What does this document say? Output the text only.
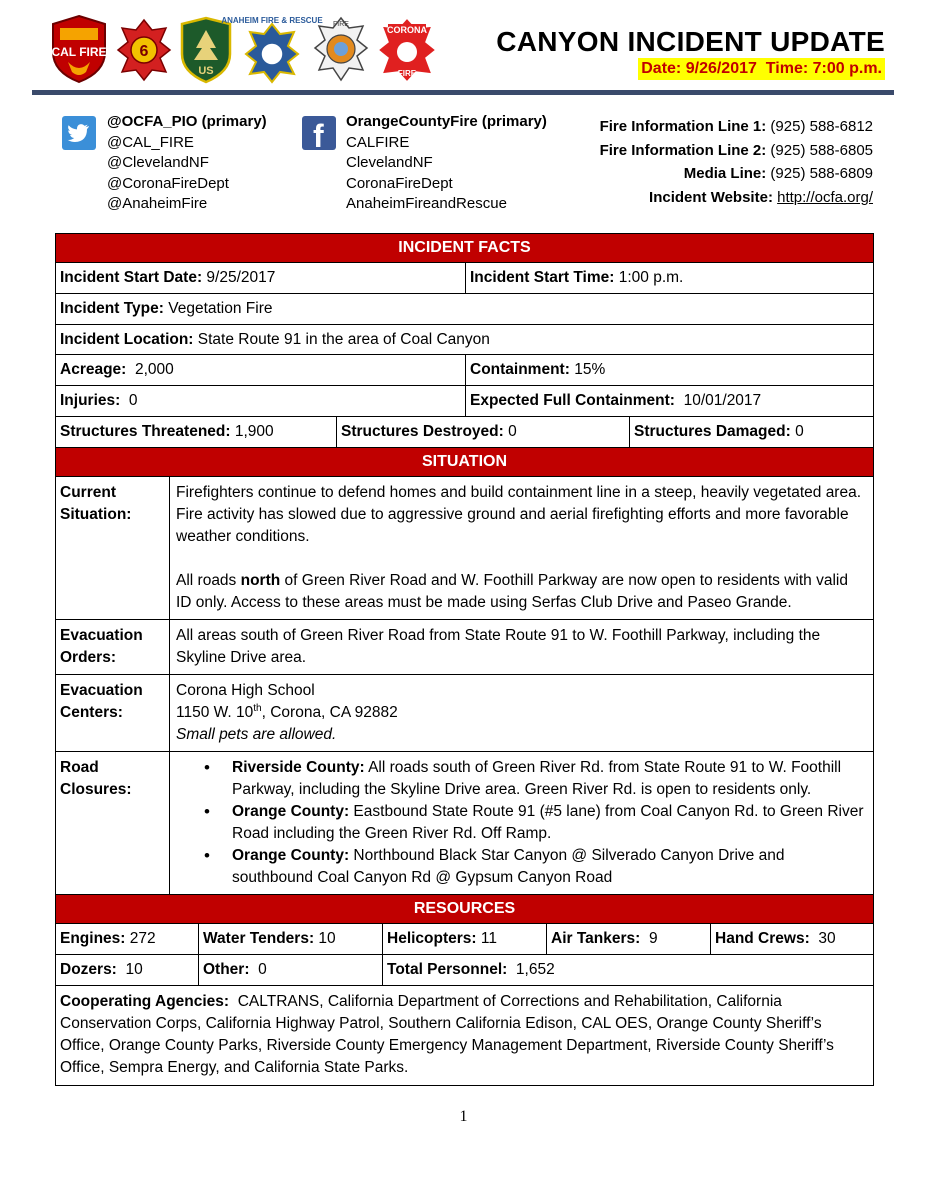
CAL FIRE 6
US
ANAHEIM FIRE & RESCUE FIRE
CORONA
FIRE
CANYON INCIDENT UPDATE
Date: 9/26/2017 Time: 7:00 p.m.
@OCFA_PIO (primary)
@CAL_FIRE
@ClevelandNF
@CoronaFireDept
@AnaheimFire
f OrangeCountyFire (primary)
CALFIRE
ClevelandNF
CoronaFireDept
AnaheimFireandRescue
Fire Information Line 1: (925) 588-6812
Fire Information Line 2: (925) 588-6805
Media Line: (925) 588-6809
Incident Website: http://ocfa.org/
INCIDENT FACTS
Incident Start Date: 9/25/2017	Incident Start Time: 1:00 p.m.
Incident Type: Vegetation Fire
Incident Location: State Route 91 in the area of Coal Canyon
Acreage: 2,000	Containment: 15%
Injuries: 0	Expected Full Containment: 10/01/2017
Structures Threatened: 1,900	Structures Destroyed: 0	Structures Damaged: 0
SITUATION
Current
Situation:

Firefighters continue to defend homes and build containment line in a steep, heavily vegetated area. Fire activity has slowed due to aggressive ground and aerial firefighting efforts and more favorable weather conditions.

All roads north of Green River Road and W. Foothill Parkway are now open to residents with valid ID only. Access to these areas must be made using Serfas Club Drive and Paseo Grande.

Evacuation
Orders:
All areas south of Green River Road from State Route 91 to W. Foothill Parkway, including the Skyline Drive area.
Evacuation
Centers:
Corona High School
1150 W. 10th, Corona, CA 92882
Small pets are allowed.
Road
Closures:
• Riverside County: All roads south of Green River Rd. from State Route 91 to W. Foothill Parkway, including the Skyline Drive area. Green River Rd. is open to residents only.
• Orange County: Eastbound State Route 91 (#5 lane) from Coal Canyon Rd. to Green River Road including the Green River Rd. Off Ramp.
• Orange County: Northbound Black Star Canyon @ Silverado Canyon Drive and southbound Coal Canyon Rd @ Gypsum Canyon Road
RESOURCES
Engines: 272	Water Tenders: 10	Helicopters: 11	Air Tankers: 9	Hand Crews: 30
Dozers: 10	Other: 0	Total Personnel: 1,652
Cooperating Agencies: CALTRANS, California Department of Corrections and Rehabilitation, California Conservation Corps, California Highway Patrol, Southern California Edison, CAL OES, Orange County Sheriff’s Office, Orange County Parks, Riverside County Emergency Management Department, Riverside County Sheriff’s Office, Sempra Energy, and California State Parks.
1
